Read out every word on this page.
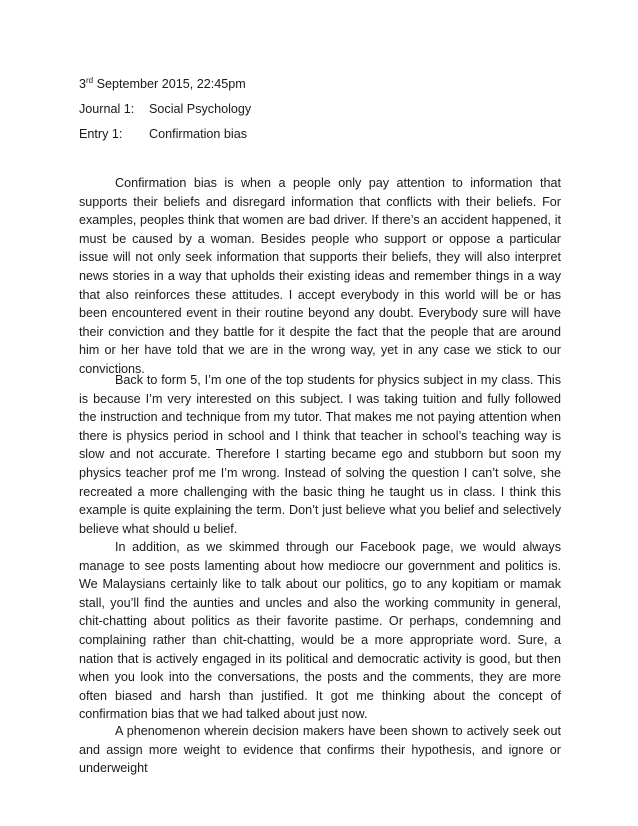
3rd September 2015, 22:45pm
Journal 1: Social Psychology
Entry 1: Confirmation bias

Confirmation bias is when a people only pay attention to information that supports their beliefs and disregard information that conflicts with their beliefs. For examples, peoples think that women are bad driver. If there’s an accident happened, it must be caused by a woman. Besides people who support or oppose a particular issue will not only seek information that supports their beliefs, they will also interpret news stories in a way that upholds their existing ideas and remember things in a way that also reinforces these attitudes. I accept everybody in this world will be or has been encountered event in their routine beyond any doubt. Everybody sure will have their conviction and they battle for it despite the fact that the people that are around him or her have told that we are in the wrong way, yet in any case we stick to our convictions.

Back to form 5, I’m one of the top students for physics subject in my class. This is because I’m very interested on this subject. I was taking tuition and fully followed the instruction and technique from my tutor. That makes me not paying attention when there is physics period in school and I think that teacher in school’s teaching way is slow and not accurate. Therefore I starting became ego and stubborn but soon my physics teacher prof me I’m wrong. Instead of solving the question I can’t solve, she recreated a more challenging with the basic thing he taught us in class. I think this example is quite explaining the term. Don’t just believe what you belief and selectively believe what should u belief.

In addition, as we skimmed through our Facebook page, we would always manage to see posts lamenting about how mediocre our government and politics is. We Malaysians certainly like to talk about our politics, go to any kopitiam or mamak stall, you’ll find the aunties and uncles and also the working community in general, chit-chatting about politics as their favorite pastime. Or perhaps, condemning and complaining rather than chit-chatting, would be a more appropriate word. Sure, a nation that is actively engaged in its political and democratic activity is good, but then when you look into the conversations, the posts and the comments, they are more often biased and harsh than justified. It got me thinking about the concept of confirmation bias that we had talked about just now.

A phenomenon wherein decision makers have been shown to actively seek out and assign more weight to evidence that confirms their hypothesis, and ignore or underweight
